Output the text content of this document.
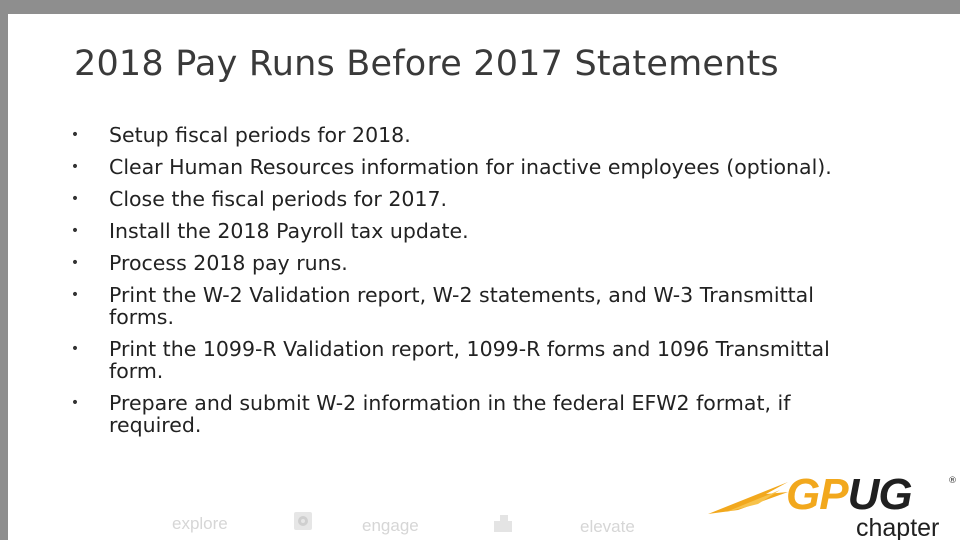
2018 Pay Runs Before 2017 Statements
• Setup fiscal periods for 2018.
• Clear Human Resources information for inactive employees (optional).
• Close the fiscal periods for 2017.
• Install the 2018 Payroll tax update.
• Process 2018 pay runs.
• Print the W-2 Validation report, W-2 statements, and W-3 Transmittal forms.
• Print the 1099-R Validation report, 1099-R forms and 1096 Transmittal form.
• Prepare and submit W-2 information in the federal EFW2 format, if required.
explore	engage	elevate
GPUG	®
chapter
